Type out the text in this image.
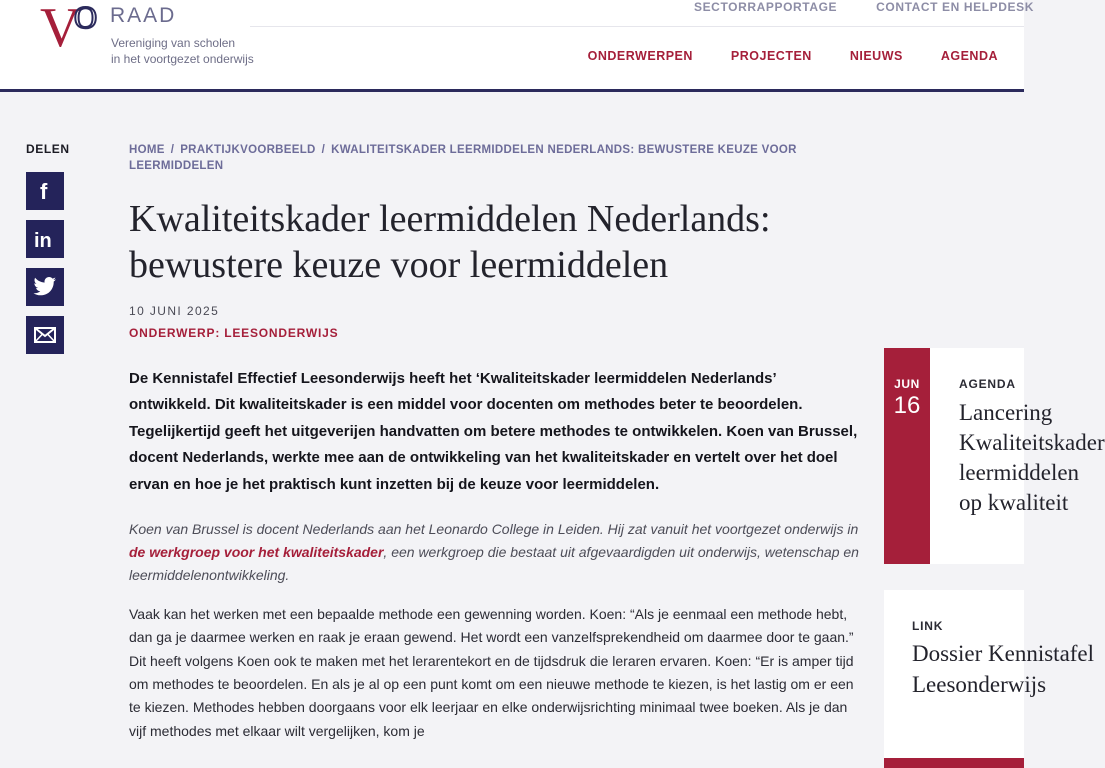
V
O RAAD
Vereniging van scholen
in het voortgezet onderwijs
SECTORRAPPORTAGE	CONTACT EN HELPDESK
ONDERWERPEN	PROJECTEN	NIEUWS	AGENDA
DELEN
f
in
HOME / PRAKTIJKVOORBEELD / KWALITEITSKADER LEERMIDDELEN NEDERLANDS: BEWUSTERE KEUZE VOOR LEERMIDDELEN
Kwaliteitskader leermiddelen Nederlands: bewustere keuze voor leermiddelen
10 JUNI 2025
ONDERWERP: LEESONDERWIJS

De Kennistafel Effectief Leesonderwijs heeft het ‘Kwaliteitskader leermiddelen Nederlands’ ontwikkeld. Dit kwaliteitskader is een middel voor docenten om methodes beter te beoordelen. Tegelijkertijd geeft het uitgeverijen handvatten om betere methodes te ontwikkelen. Koen van Brussel, docent Nederlands, werkte mee aan de ontwikkeling van het kwaliteitskader en vertelt over het doel ervan en hoe je het praktisch kunt inzetten bij de keuze voor leermiddelen.

Koen van Brussel is docent Nederlands aan het Leonardo College in Leiden. Hij zat vanuit het voortgezet onderwijs in de werkgroep voor het kwaliteitskader, een werkgroep die bestaat uit afgevaardigden uit onderwijs, wetenschap en leermiddelenontwikkeling.

Vaak kan het werken met een bepaalde methode een gewenning worden. Koen: “Als je eenmaal een methode hebt, dan ga je daarmee werken en raak je eraan gewend. Het wordt een vanzelfsprekendheid om daarmee door te gaan.” Dit heeft volgens Koen ook te maken met het lerarentekort en de tijdsdruk die leraren ervaren. Koen: “Er is amper tijd om methodes te beoordelen. En als je al op een punt komt om een nieuwe methode te kiezen, is het lastig om er een te kiezen. Methodes hebben doorgaans voor elk leerjaar en elke onderwijsrichting minimaal twee boeken. Als je dan vijf methodes met elkaar wilt vergelijken, kom je

JUN
16
AGENDA
Lancering
Kwaliteitskader
leermiddelen
op kwaliteit
LINK
Dossier Kennistafel
Leesonderwijs
